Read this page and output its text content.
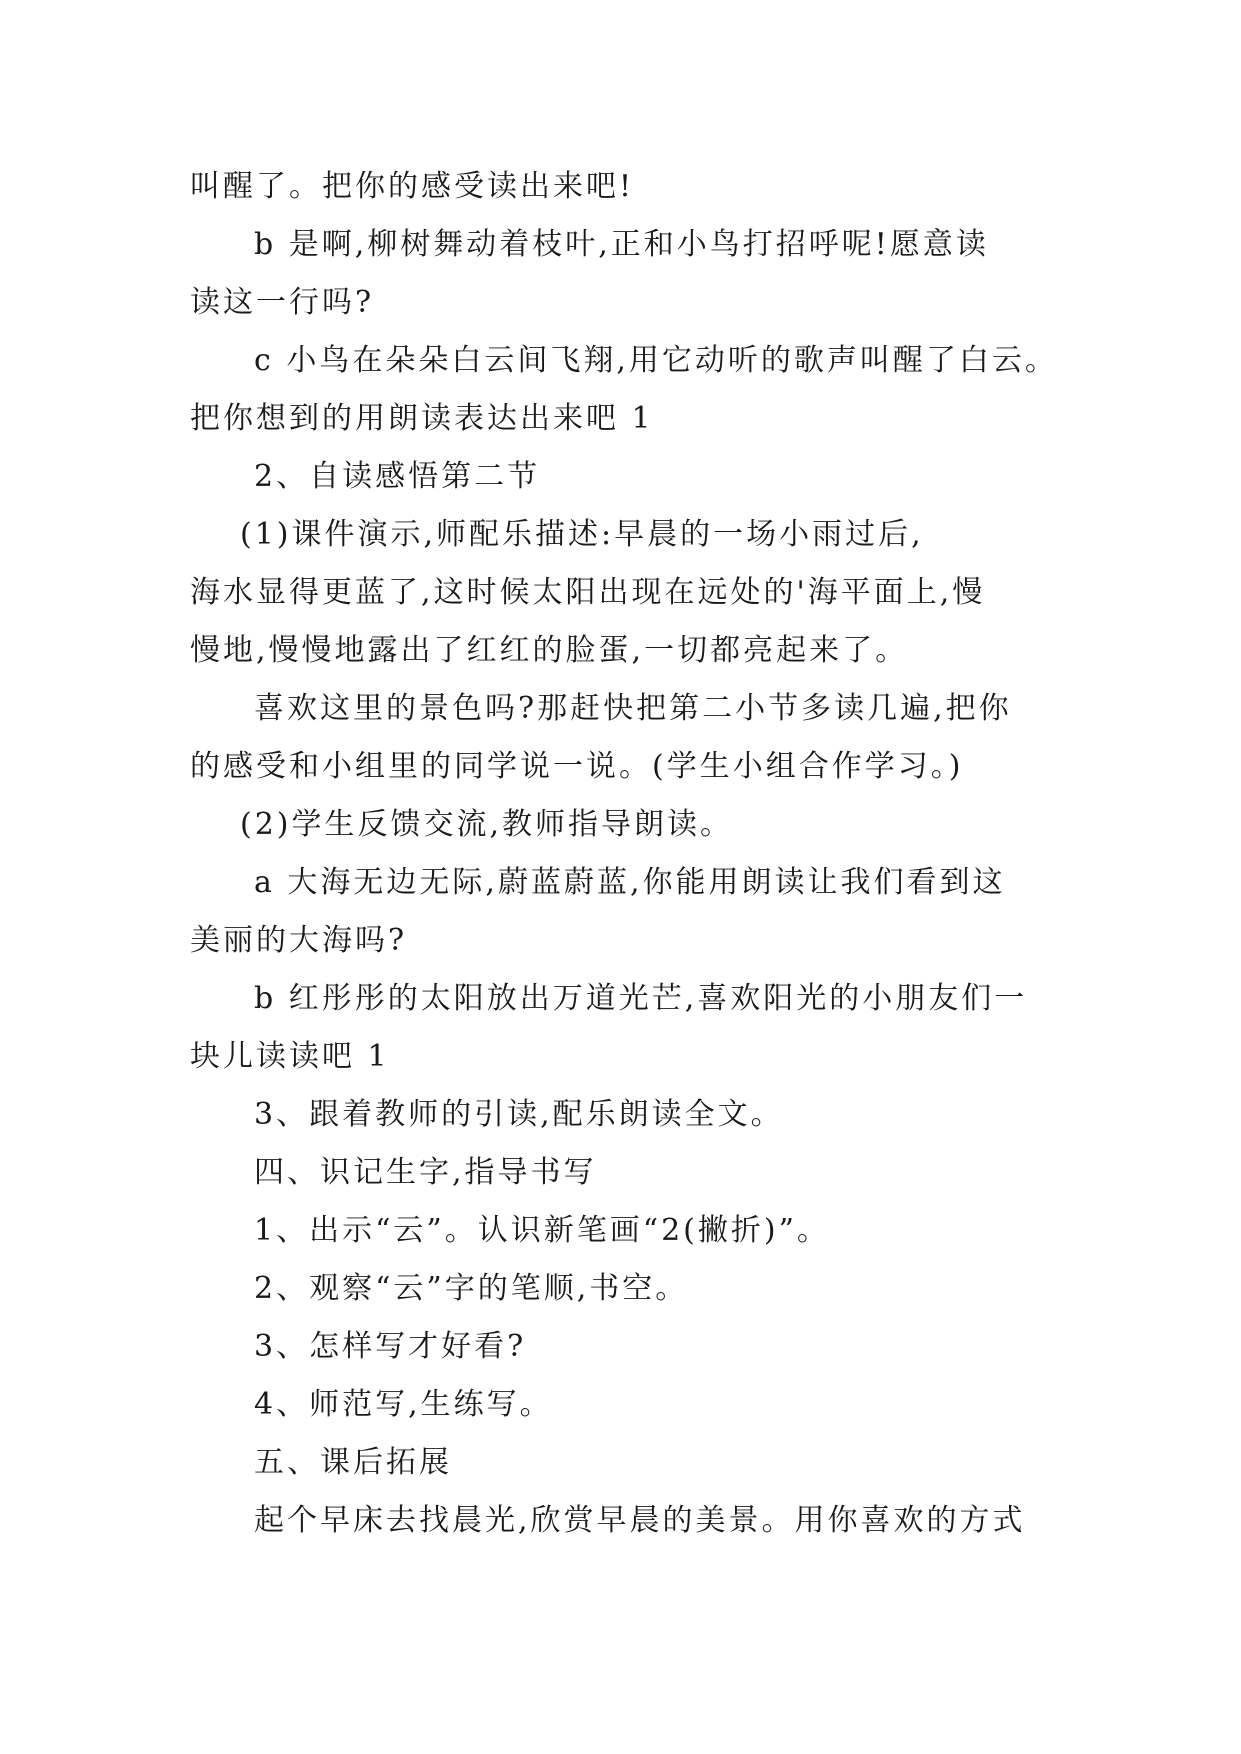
叫醒了。把你的感受读出来吧!
b 是啊,柳树舞动着枝叶,正和小鸟打招呼呢!愿意读
读这一行吗?
c 小鸟在朵朵白云间飞翔,用它动听的歌声叫醒了白云。
把你想到的用朗读表达出来吧 1
2、自读感悟第二节
(1)课件演示,师配乐描述:早晨的一场小雨过后,
海水显得更蓝了,这时候太阳出现在远处的'海平面上,慢
慢地,慢慢地露出了红红的脸蛋,一切都亮起来了。
喜欢这里的景色吗?那赶快把第二小节多读几遍,把你
的感受和小组里的同学说一说。(学生小组合作学习。)
(2)学生反馈交流,教师指导朗读。
a 大海无边无际,蔚蓝蔚蓝,你能用朗读让我们看到这
美丽的大海吗?
b 红彤彤的太阳放出万道光芒,喜欢阳光的小朋友们一
块儿读读吧 1
3、跟着教师的引读,配乐朗读全文。
四、识记生字,指导书写
1、出示“云”。认识新笔画“2(撇折)”。
2、观察“云”字的笔顺,书空。
3、怎样写才好看?
4、师范写,生练写。
五、课后拓展
起个早床去找晨光,欣赏早晨的美景。用你喜欢的方式
